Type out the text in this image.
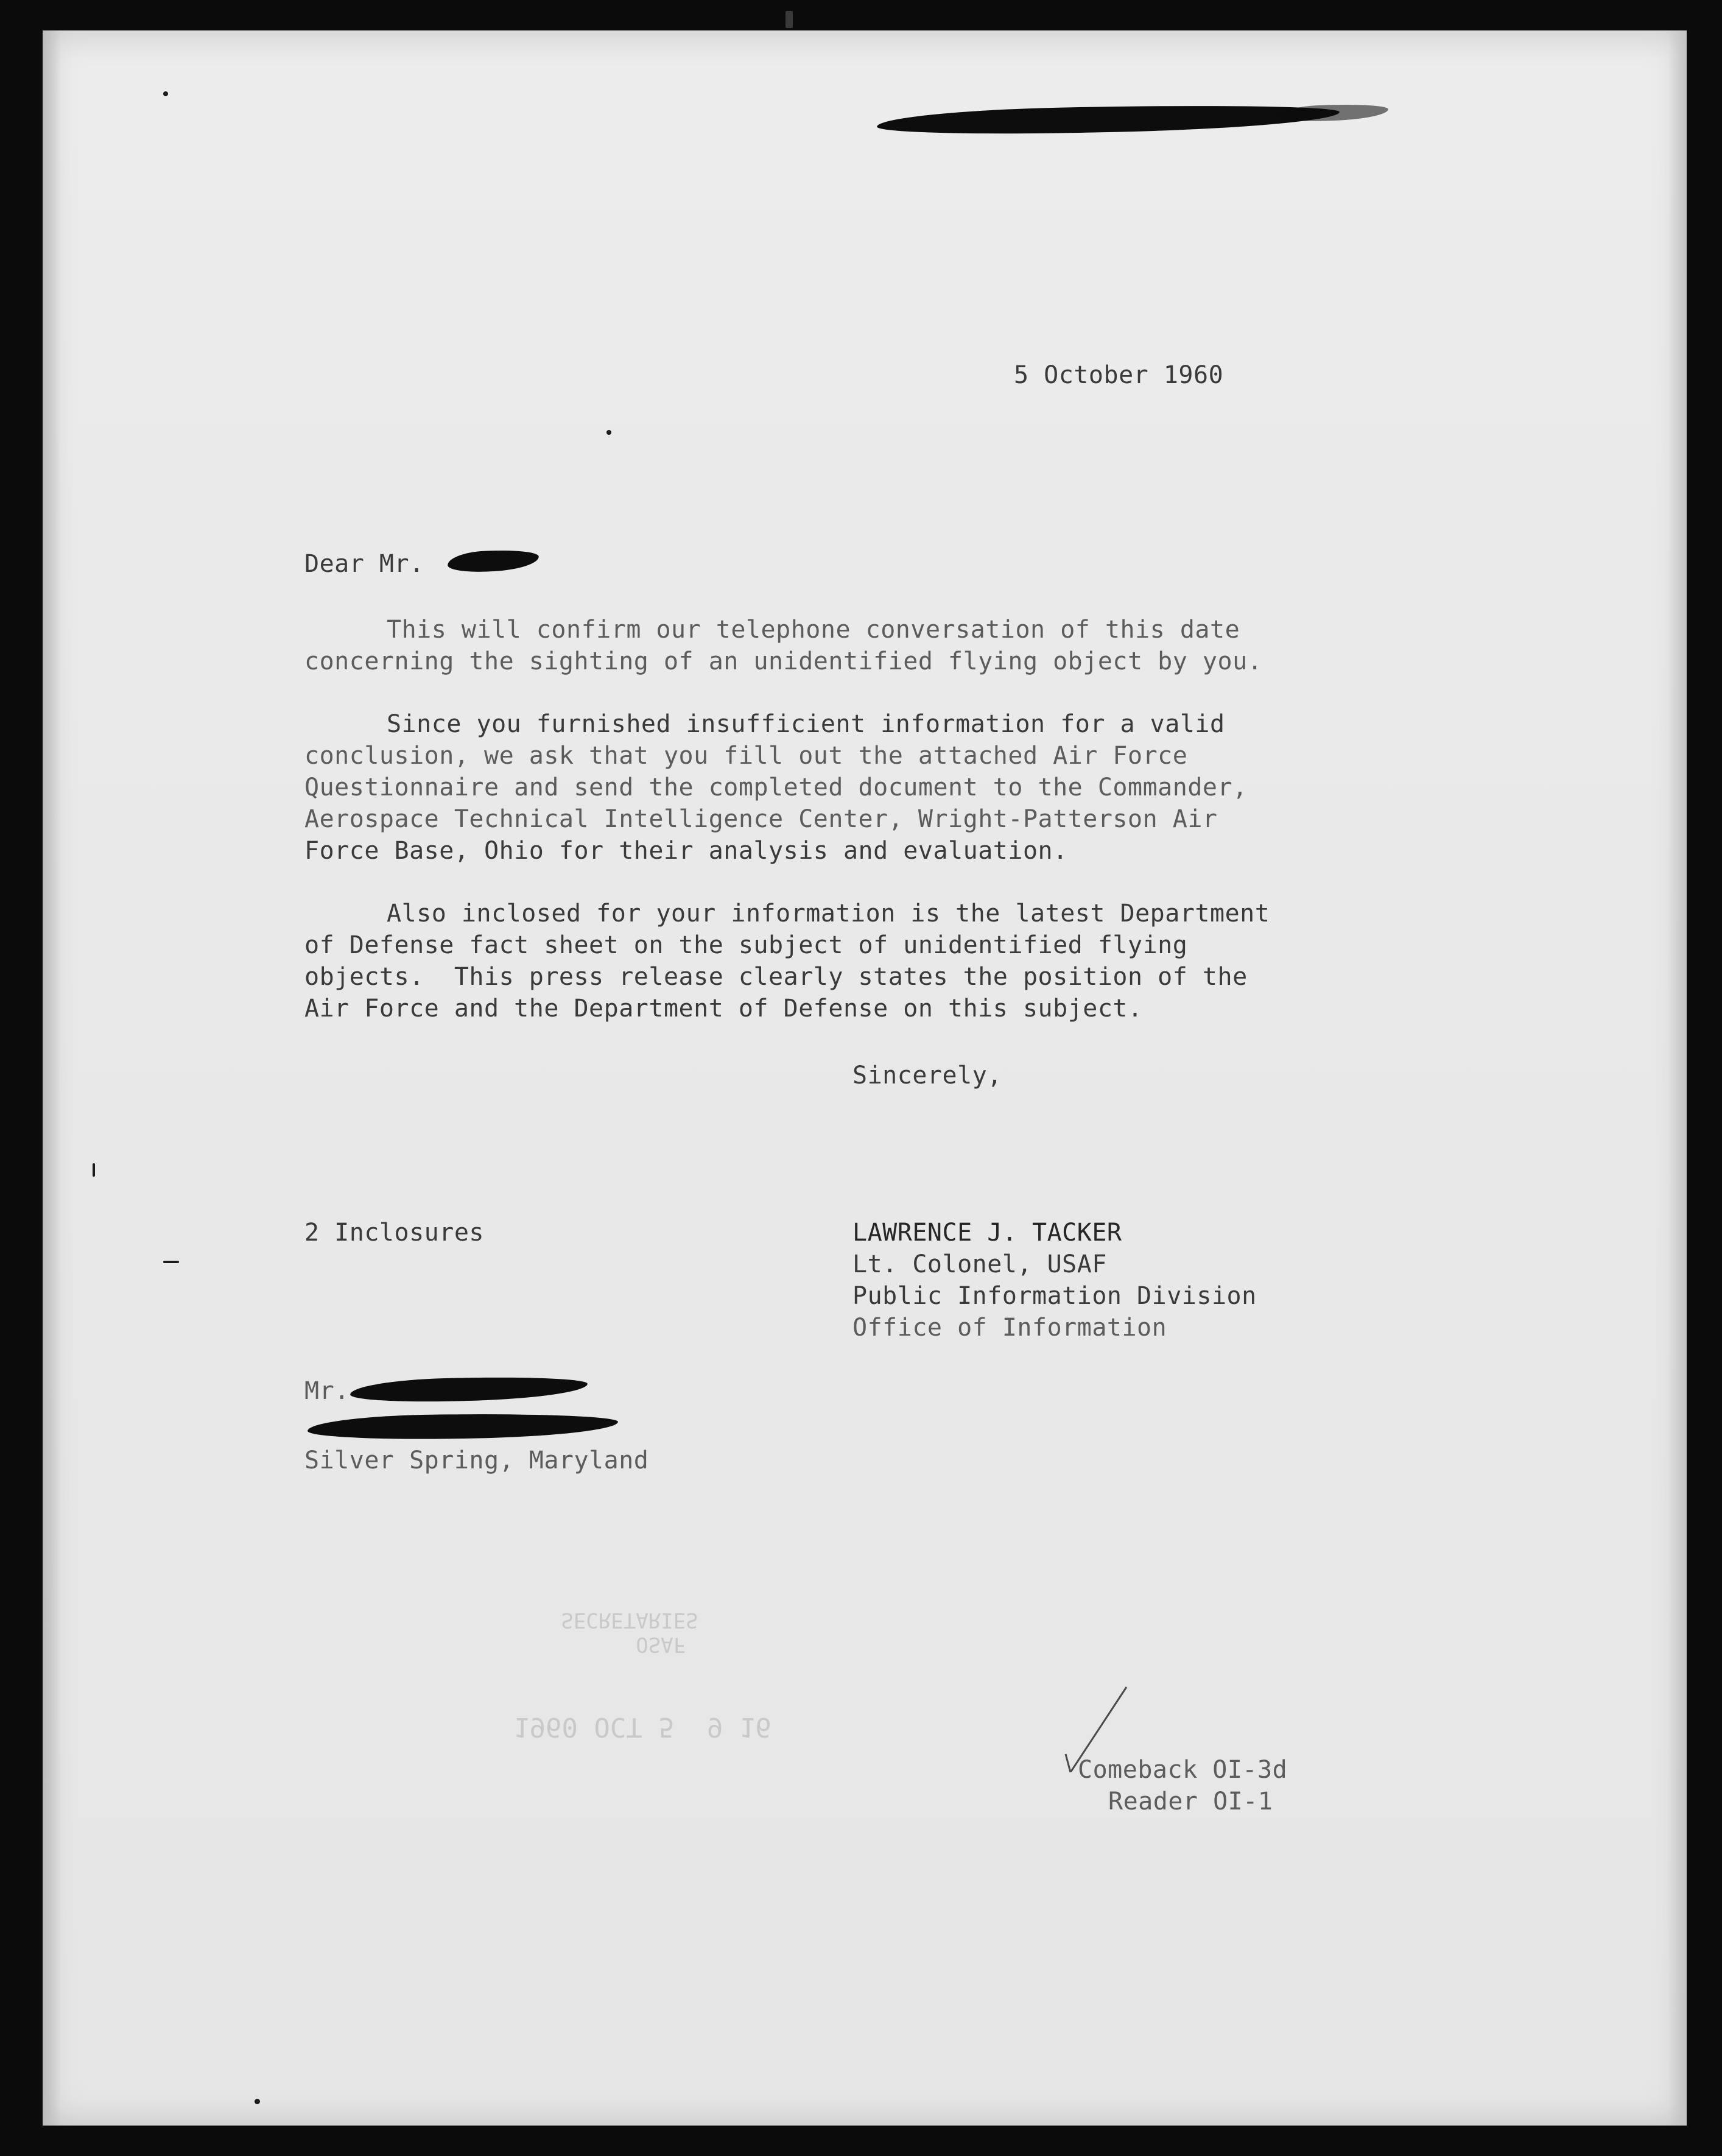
5 October 1960
Dear Mr.
This will confirm our telephone conversation of this date
concerning the sighting of an unidentified flying object by you.
Since you furnished insufficient information for a valid
conclusion, we ask that you fill out the attached Air Force
Questionnaire and send the completed document to the Commander,
Aerospace Technical Intelligence Center, Wright-Patterson Air
Force Base, Ohio for their analysis and evaluation.
Also inclosed for your information is the latest Department
of Defense fact sheet on the subject of unidentified flying
objects.  This press release clearly states the position of the
Air Force and the Department of Defense on this subject.
Sincerely,
2 Inclosures	LAWRENCE J. TACKER
Lt. Colonel, USAF
Public Information Division
Office of Information
Mr.
Silver Spring, Maryland
OSAF
SECRETARIES

1960 OCT 5  9 16

Comeback OI-3d
Reader OI-1
